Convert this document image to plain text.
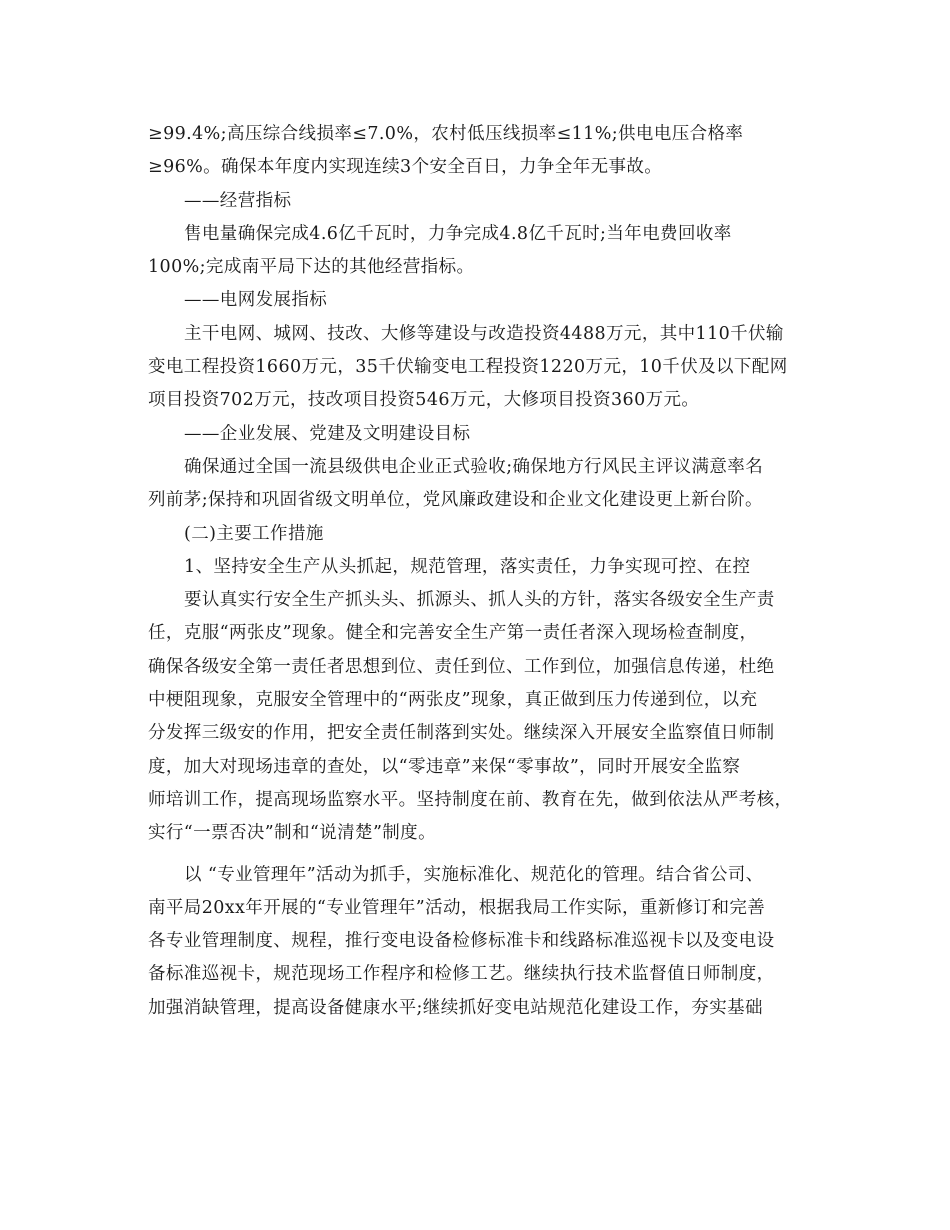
≥99.4%;高压综合线损率≤7.0%，农村低压线损率≤11%;供电电压合格率
≥96%。确保本年度内实现连续3个安全百日，力争全年无事故。
——经营指标
售电量确保完成4.6亿千瓦时，力争完成4.8亿千瓦时;当年电费回收率
100%;完成南平局下达的其他经营指标。
——电网发展指标
主干电网、城网、技改、大修等建设与改造投资4488万元，其中110千伏输
变电工程投资1660万元，35千伏输变电工程投资1220万元，10千伏及以下配网
项目投资702万元，技改项目投资546万元，大修项目投资360万元。
——企业发展、党建及文明建设目标
确保通过全国一流县级供电企业正式验收;确保地方行风民主评议满意率名
列前茅;保持和巩固省级文明单位，党风廉政建设和企业文化建设更上新台阶。
(二)主要工作措施
1、坚持安全生产从头抓起，规范管理，落实责任，力争实现可控、在控
要认真实行安全生产抓头头、抓源头、抓人头的方针，落实各级安全生产责
任，克服“两张皮”现象。健全和完善安全生产第一责任者深入现场检查制度，
确保各级安全第一责任者思想到位、责任到位、工作到位，加强信息传递，杜绝
中梗阻现象，克服安全管理中的“两张皮”现象，真正做到压力传递到位，以充
分发挥三级安的作用，把安全责任制落到实处。继续深入开展安全监察值日师制
度，加大对现场违章的查处，以“零违章”来保“零事故”，同时开展安全监察
师培训工作，提高现场监察水平。坚持制度在前、教育在先，做到依法从严考核，
实行“一票否决”制和“说清楚”制度。
以 “专业管理年”活动为抓手，实施标准化、规范化的管理。结合省公司、
南平局20xx年开展的“专业管理年”活动，根据我局工作实际，重新修订和完善
各专业管理制度、规程，推行变电设备检修标准卡和线路标准巡视卡以及变电设
备标准巡视卡，规范现场工作程序和检修工艺。继续执行技术监督值日师制度，
加强消缺管理，提高设备健康水平;继续抓好变电站规范化建设工作，夯实基础
